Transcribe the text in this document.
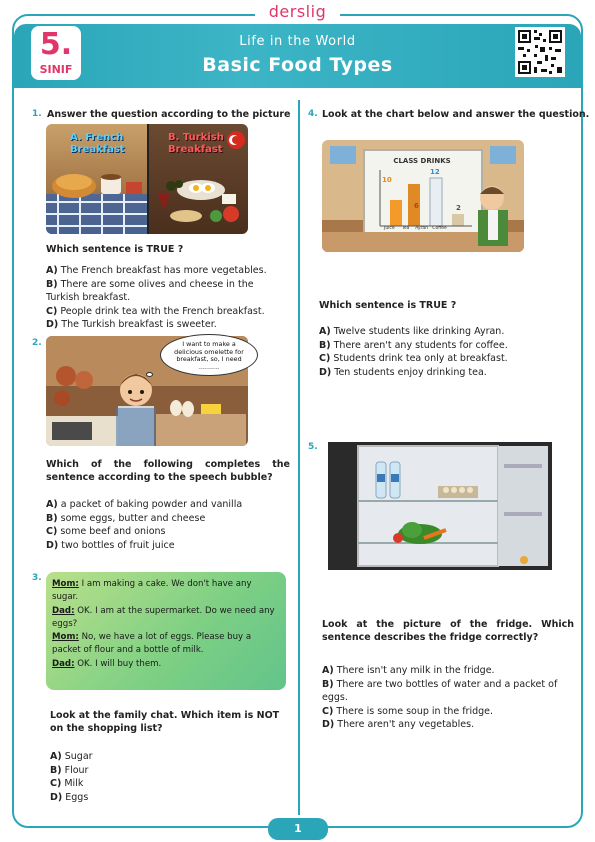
derslig
Life in the World
Basic Food Types
5.
SINIF
1. Answer the question according to the picture
A. French Breakfast
B. Turkish Breakfast
Which sentence is TRUE ?
A) The French breakfast has more vegetables.
B) There are some olives and cheese in the Turkish breakfast.
C) People drink tea with the French breakfast.
D) The Turkish breakfast is sweeter.
2.	I want to make a delicious omelette for breakfast, so, I need ..........
Which of the following completes the sentence according to the speech bubble?
A) a packet of baking powder and vanilla
B) some eggs, butter and cheese
C) some beef and onions
D) two bottles of fruit juice
3.
Mom: I am making a cake. We don't have any sugar.
Dad: OK. I am at the supermarket. Do we need any eggs?
Mom: No, we have a lot of eggs. Please buy a packet of flour and a bottle of milk.
Dad: OK. I will buy them.
Look at the family chat. Which item is NOT on the shopping list?
A) Sugar
B) Flour
C) Milk
D) Eggs
4. Look at the chart below and answer the question.
CLASS DRINKS
10
12
6	2
Juice Tea Ayran Coffee
Which sentence is TRUE ?
A) Twelve students like drinking Ayran.
B) There aren't any students for coffee.
C) Students drink tea only at breakfast.
D) Ten students enjoy drinking tea.
5.
Look at the picture of the fridge. Which sentence describes the fridge correctly?
A) There isn't any milk in the fridge.
B) There are two bottles of water and a packet of eggs.
C) There is some soup in the fridge.
D) There aren't any vegetables.
1
